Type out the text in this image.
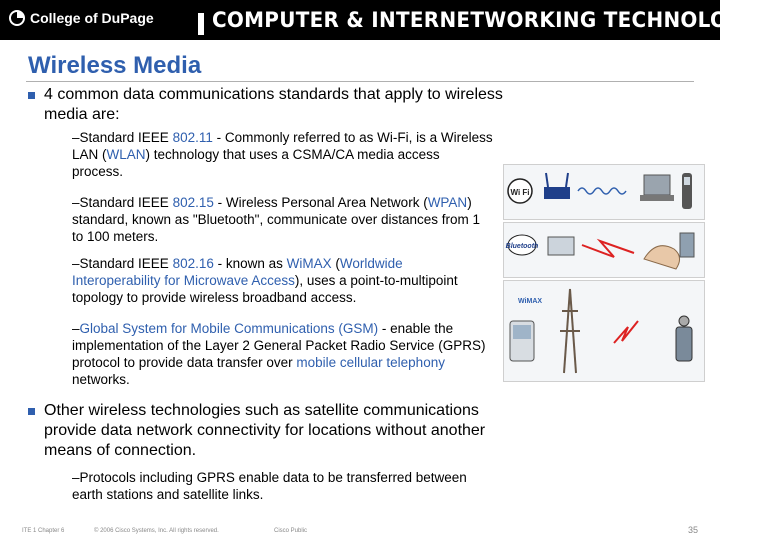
College of DuPage	COMPUTER & INTERNETWORKING TECHNOLOGIES
Wireless Media
4 common data communications standards that apply to wireless media are:
–Standard IEEE 802.11 - Commonly referred to as Wi-Fi, is a Wireless LAN (WLAN) technology that uses a CSMA/CA media access process.
–Standard IEEE 802.15 - Wireless Personal Area Network (WPAN) standard, known as "Bluetooth", communicate over distances from 1 to 100 meters.
–Standard IEEE 802.16 - known as WiMAX (Worldwide Interoperability for Microwave Access), uses a point-to-multipoint topology to provide wireless broadband access.
–Global System for Mobile Communications (GSM) - enable the implementation of the Layer 2 General Packet Radio Service (GPRS) protocol to provide data transfer over mobile cellular telephony networks.
Other wireless technologies such as satellite communications provide data network connectivity for locations without another means of connection.
–Protocols including GPRS enable data to be transferred between earth stations and satellite links.
Wi Fi
Bluetooth
WiMAX
ITE 1 Chapter 6	© 2006 Cisco Systems, Inc. All rights reserved.	Cisco Public	35
